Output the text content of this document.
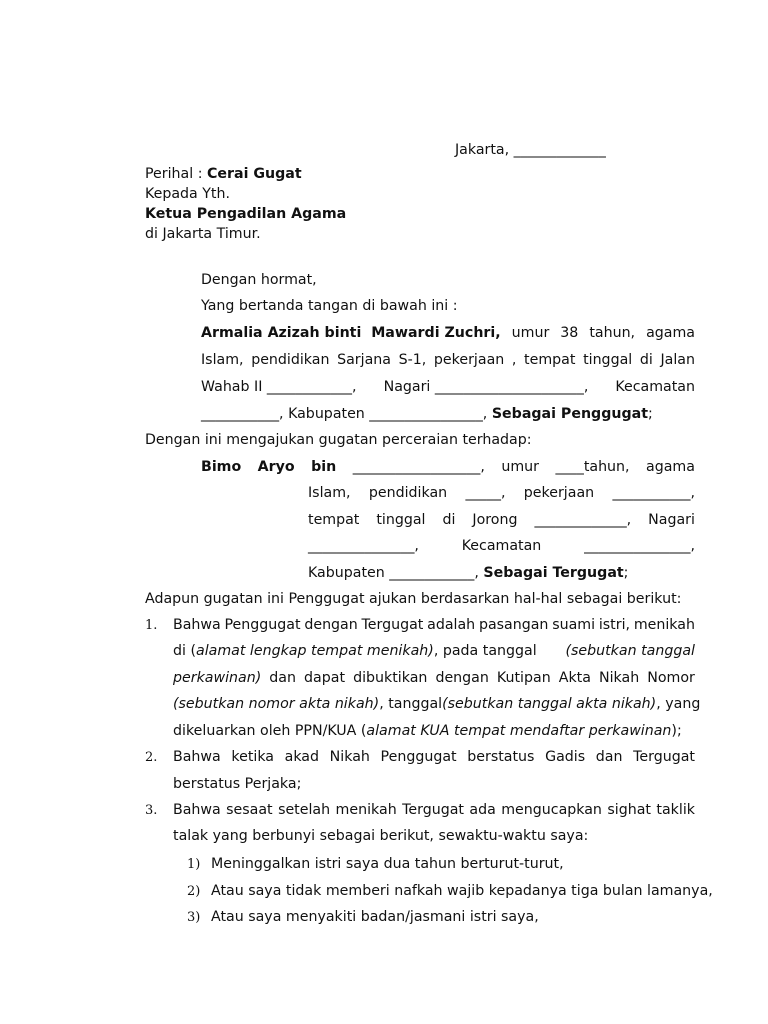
Jakarta, _____________
Perihal : Cerai Gugat
Kepada Yth.
Ketua Pengadilan Agama
di Jakarta Timur.
Dengan hormat,
Yang bertanda tangan di bawah ini :
Armalia Azizah binti  Mawardi Zuchri, umur 38 tahun, agama
Islam, pendidikan Sarjana S-1, pekerjaan , tempat tinggal di Jalan
Wahab II ____________, Nagari _____________________, Kecamatan
___________, Kabupaten ________________, Sebagai Penggugat;
Dengan ini mengajukan gugatan perceraian terhadap:
Bimo Aryo bin __________________, umur ____tahun, agama
Islam, pendidikan _____, pekerjaan ___________,
tempat tinggal di Jorong _____________, Nagari
_______________,	Kecamatan	_______________,
Kabupaten ____________, Sebagai Tergugat;
Adapun gugatan ini Penggugat ajukan berdasarkan hal-hal sebagai berikut:
1. Bahwa Penggugat dengan Tergugat adalah pasangan suami istri, menikah
di (alamat lengkap tempat menikah), pada tanggal (sebutkan tanggal
perkawinan) dan dapat dibuktikan dengan Kutipan Akta Nikah Nomor
(sebutkan nomor akta nikah), tanggal (sebutkan tanggal akta nikah), yang
dikeluarkan oleh PPN/KUA (alamat KUA tempat mendaftar perkawinan);
2. Bahwa ketika akad Nikah Penggugat berstatus Gadis dan Tergugat
berstatus Perjaka;
3. Bahwa sesaat setelah menikah Tergugat ada mengucapkan sighat taklik
talak yang berbunyi sebagai berikut, sewaktu-waktu saya:
1) Meninggalkan istri saya dua tahun berturut-turut,
2) Atau saya tidak memberi nafkah wajib kepadanya tiga bulan lamanya,
3) Atau saya menyakiti badan/jasmani istri saya,
